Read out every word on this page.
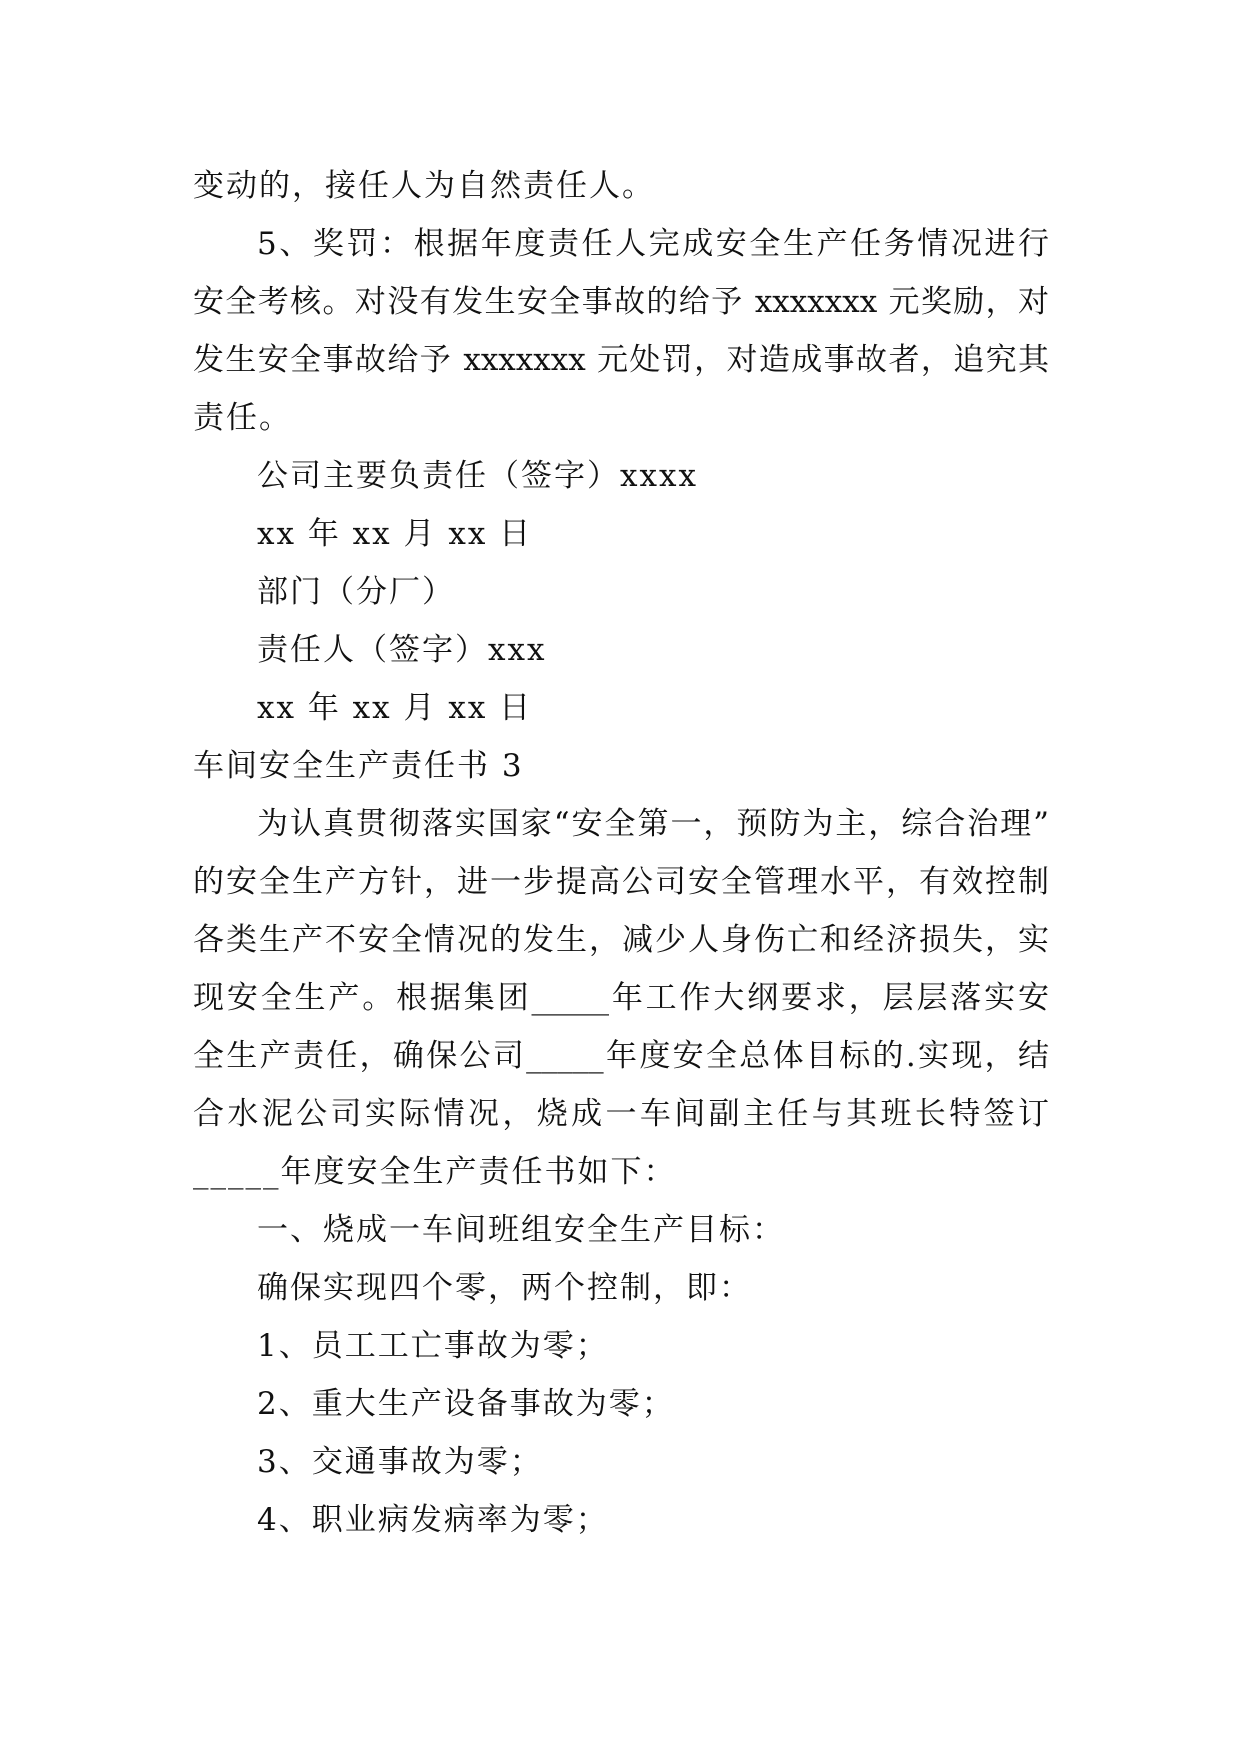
变动的，接任人为自然责任人。
5、奖罚：根据年度责任人完成安全生产任务情况进行
安全考核。对没有发生安全事故的给予 xxxxxxx 元奖励，对
发生安全事故给予 xxxxxxx 元处罚，对造成事故者，追究其
责任。
公司主要负责任（签字）xxxx
xx 年 xx 月 xx 日
部门（分厂）
责任人（签字）xxx
xx 年 xx 月 xx 日
车间安全生产责任书 3
为认真贯彻落实国家“安全第一，预防为主，综合治理”
的安全生产方针，进一步提高公司安全管理水平，有效控制
各类生产不安全情况的发生，减少人身伤亡和经济损失，实
现安全生产。根据集团_____年工作大纲要求，层层落实安
全生产责任，确保公司_____年度安全总体目标的.实现，结
合水泥公司实际情况，烧成一车间副主任与其班长特签订
_____年度安全生产责任书如下：
一、烧成一车间班组安全生产目标：
确保实现四个零，两个控制，即：
1、员工工亡事故为零；
2、重大生产设备事故为零；
3、交通事故为零；
4、职业病发病率为零；
